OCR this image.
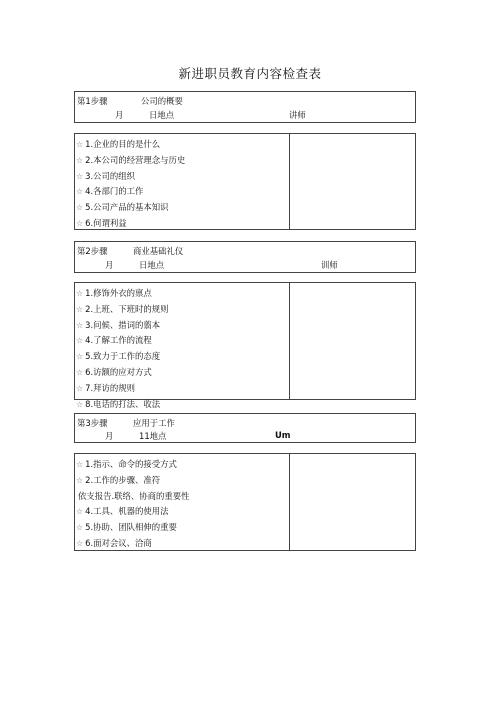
新进职员教育内容检查表
第1步骤	公司的概要
月	日地点	讲师
☆ 1.企业的目的是什么
☆ 2.本公司的经营理念与历史
☆ 3.公司的组织
☆ 4.各部门的工作
☆ 5.公司产品的基本知识
☆ 6.何谓利益
第2步骤	商业基础礼仪
月	日地点	训师
☆ 1.修饰外衣的禀点
☆ 2.上班、下班时的规则
☆ 3.问候、措词的翦本
☆ 4.了解工作的流程
☆ 5.致力于工作的态度
☆ 6.访额的应对方式
☆ 7.拜访的规则
☆ 8.电话的打法、收法
第3步骤	应用于工作
月	11地点	Um
☆ 1.指示、命令的接受方式
☆ 2.工作的步骤、准符
依支报告.联络、协商的重要性
☆ 4.工具、机器的使用法
☆ 5.协助、团队相伸的重要
☆ 6.面对会议、洽商
